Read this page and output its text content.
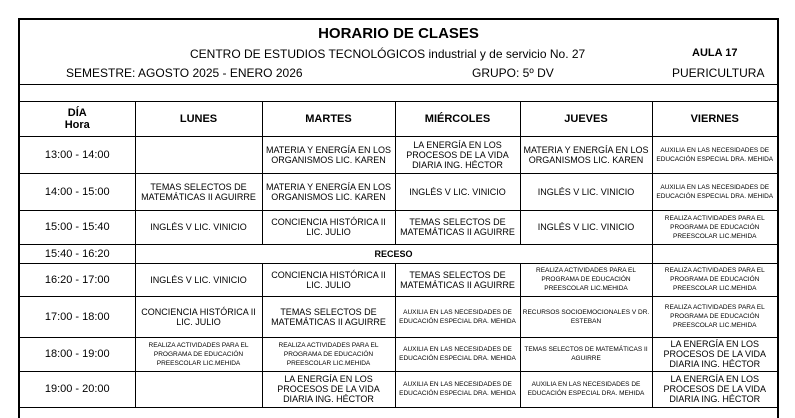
HORARIO DE CLASES
CENTRO DE ESTUDIOS TECNOLÓGICOS industrial y de servicio No. 27	AULA 17
SEMESTRE: AGOSTO 2025 - ENERO 2026	GRUPO: 5º DV	PUERICULTURA
DÍA
Hora	LUNES	MARTES	MIÉRCOLES	JUEVES	VIERNES
13:00 - 14:00		MATERIA Y ENERGÍA EN LOS ORGANISMOS LIC. KAREN	LA ENERGÍA EN LOS PROCESOS DE LA VIDA DIARIA ING. HÉCTOR	MATERIA Y ENERGÍA EN LOS ORGANISMOS LIC. KAREN	AUXILIA EN LAS NECESIDADES DE EDUCACIÓN ESPECIAL DRA. MEHIDA
14:00 - 15:00	TEMAS SELECTOS DE MATEMÁTICAS II AGUIRRE	MATERIA Y ENERGÍA EN LOS ORGANISMOS LIC. KAREN	INGLÉS V LIC. VINICIO	INGLÉS V LIC. VINICIO	AUXILIA EN LAS NECESIDADES DE EDUCACIÓN ESPECIAL DRA. MEHIDA
15:00 - 15:40	INGLÉS V LIC. VINICIO	CONCIENCIA HISTÓRICA II LIC. JULIO	TEMAS SELECTOS DE MATEMÁTICAS II AGUIRRE	INGLÉS V LIC. VINICIO	REALIZA ACTIVIDADES PARA EL PROGRAMA DE EDUCACIÓN PREESCOLAR LIC.MEHIDA
15:40 - 16:20	RECESO				
16:20 - 17:00	INGLÉS V LIC. VINICIO	CONCIENCIA HISTÓRICA II LIC. JULIO	TEMAS SELECTOS DE MATEMÁTICAS II AGUIRRE	REALIZA ACTIVIDADES PARA EL PROGRAMA DE EDUCACIÓN PREESCOLAR LIC.MEHIDA	REALIZA ACTIVIDADES PARA EL PROGRAMA DE EDUCACIÓN PREESCOLAR LIC.MEHIDA
17:00 - 18:00	CONCIENCIA HISTÓRICA II LIC. JULIO	TEMAS SELECTOS DE MATEMÁTICAS II AGUIRRE	AUXILIA EN LAS NECESIDADES DE EDUCACIÓN ESPECIAL DRA. MEHIDA	RECURSOS SOCIOEMOCIONALES V DR. ESTEBAN	REALIZA ACTIVIDADES PARA EL PROGRAMA DE EDUCACIÓN PREESCOLAR LIC.MEHIDA
18:00 - 19:00	REALIZA ACTIVIDADES PARA EL PROGRAMA DE EDUCACIÓN PREESCOLAR LIC.MEHIDA	REALIZA ACTIVIDADES PARA EL PROGRAMA DE EDUCACIÓN PREESCOLAR LIC.MEHIDA	AUXILIA EN LAS NECESIDADES DE EDUCACIÓN ESPECIAL DRA. MEHIDA	TEMAS SELECTOS DE MATEMÁTICAS II AGUIRRE	LA ENERGÍA EN LOS PROCESOS DE LA VIDA DIARIA ING. HÉCTOR
19:00 - 20:00		LA ENERGÍA EN LOS PROCESOS DE LA VIDA DIARIA ING. HÉCTOR	AUXILIA EN LAS NECESIDADES DE EDUCACIÓN ESPECIAL DRA. MEHIDA	AUXILIA EN LAS NECESIDADES DE EDUCACIÓN ESPECIAL DRA. MEHIDA	LA ENERGÍA EN LOS PROCESOS DE LA VIDA DIARIA ING. HÉCTOR
